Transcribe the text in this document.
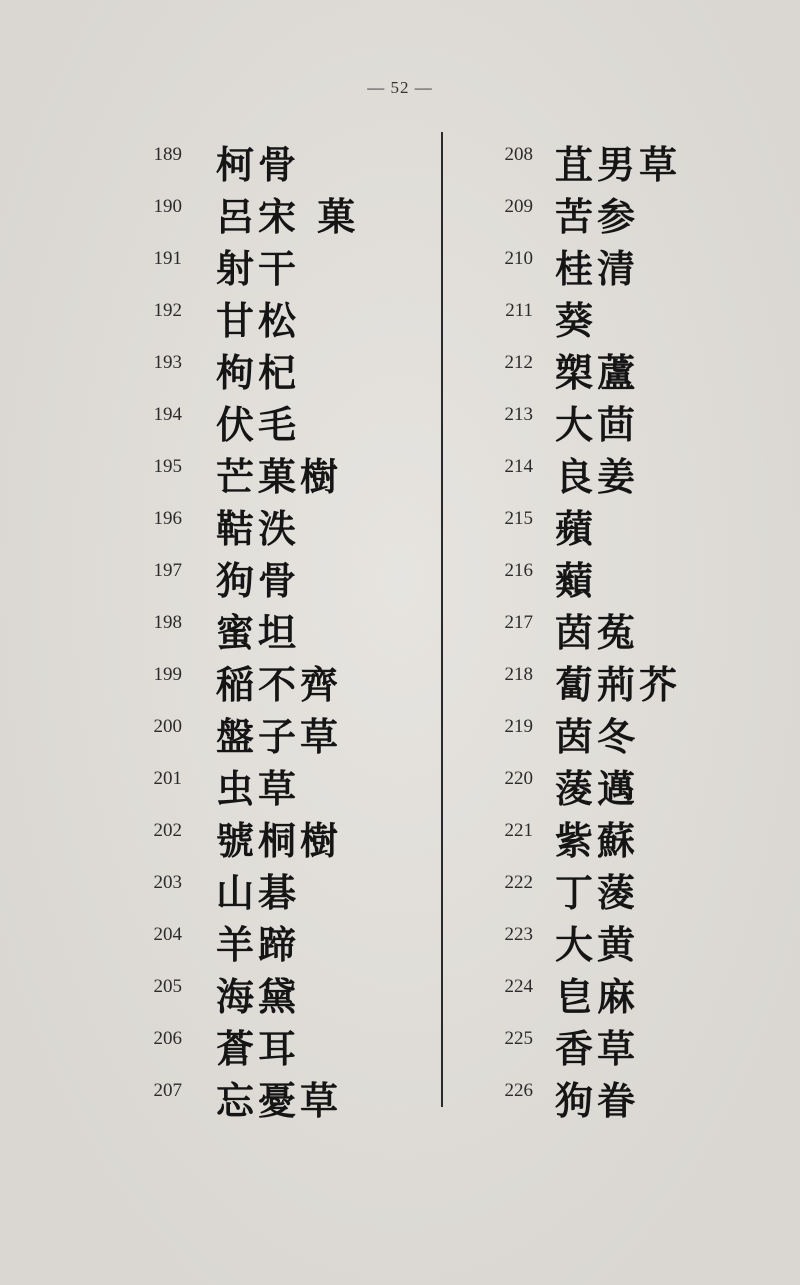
— 52 —
189 柯骨
190 呂宋 菓
191 射干
192 甘松
193 枸杞
194 伏毛
195 芒菓樹
196 鞊泆
197 狗骨
198 蜜坦
199 稲不齊
200 盤子草
201 虫草
202 號桐樹
203 山碁
204 羊蹄
205 海黛
206 蒼耳
207 忘憂草
208 苴男草
209 苦参
210 桂清
211 葵
212 槊蘆
213 大茴
214 良姜
215 蘋
216 蘱
217 茵菟
218 蔔荊芥
219 茵冬
220 蔆邁
221 紫蘇
222 丁蔆
223 大黄
224 皀麻
225 香草
226 狗眷
